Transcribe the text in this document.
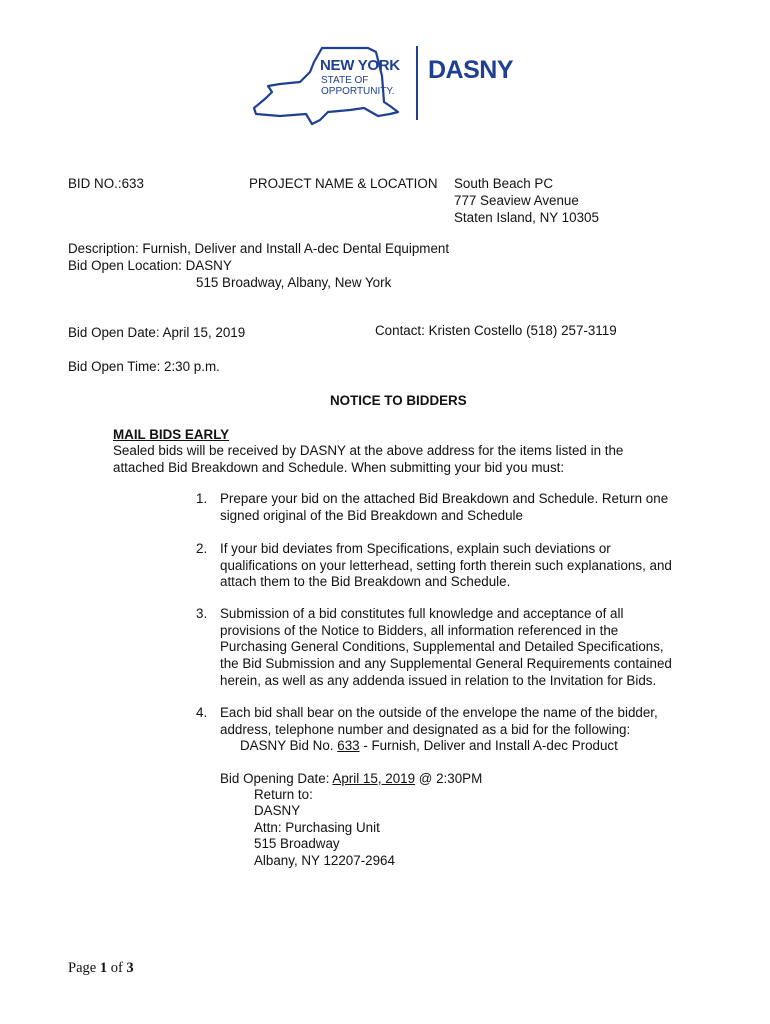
NEW YORK
STATE OF
OPPORTUNITY.
DASNY
BID NO.:633	PROJECT NAME & LOCATION South Beach PC
777 Seaview Avenue
Staten Island, NY 10305
Description: Furnish, Deliver and Install A-dec Dental Equipment
Bid Open Location: DASNY
515 Broadway, Albany, New York
Bid Open Date: April 15, 2019	Contact: Kristen Costello (518) 257-3119
Bid Open Time: 2:30 p.m.
NOTICE TO BIDDERS
MAIL BIDS EARLY
Sealed bids will be received by DASNY at the above address for the items listed in the
attached Bid Breakdown and Schedule. When submitting your bid you must:
1. Prepare your bid on the attached Bid Breakdown and Schedule. Return one
signed original of the Bid Breakdown and Schedule
2. If your bid deviates from Specifications, explain such deviations or
qualifications on your letterhead, setting forth therein such explanations, and
attach them to the Bid Breakdown and Schedule.
3. Submission of a bid constitutes full knowledge and acceptance of all
provisions of the Notice to Bidders, all information referenced in the
Purchasing General Conditions, Supplemental and Detailed Specifications,
the Bid Submission and any Supplemental General Requirements contained
herein, as well as any addenda issued in relation to the Invitation for Bids.
4. Each bid shall bear on the outside of the envelope the name of the bidder,
address, telephone number and designated as a bid for the following:
DASNY Bid No. 633 - Furnish, Deliver and Install A-dec Product
Bid Opening Date: April 15, 2019 @ 2:30PM
Return to:
DASNY
Attn: Purchasing Unit
515 Broadway
Albany, NY 12207-2964
Page 1 of 3
